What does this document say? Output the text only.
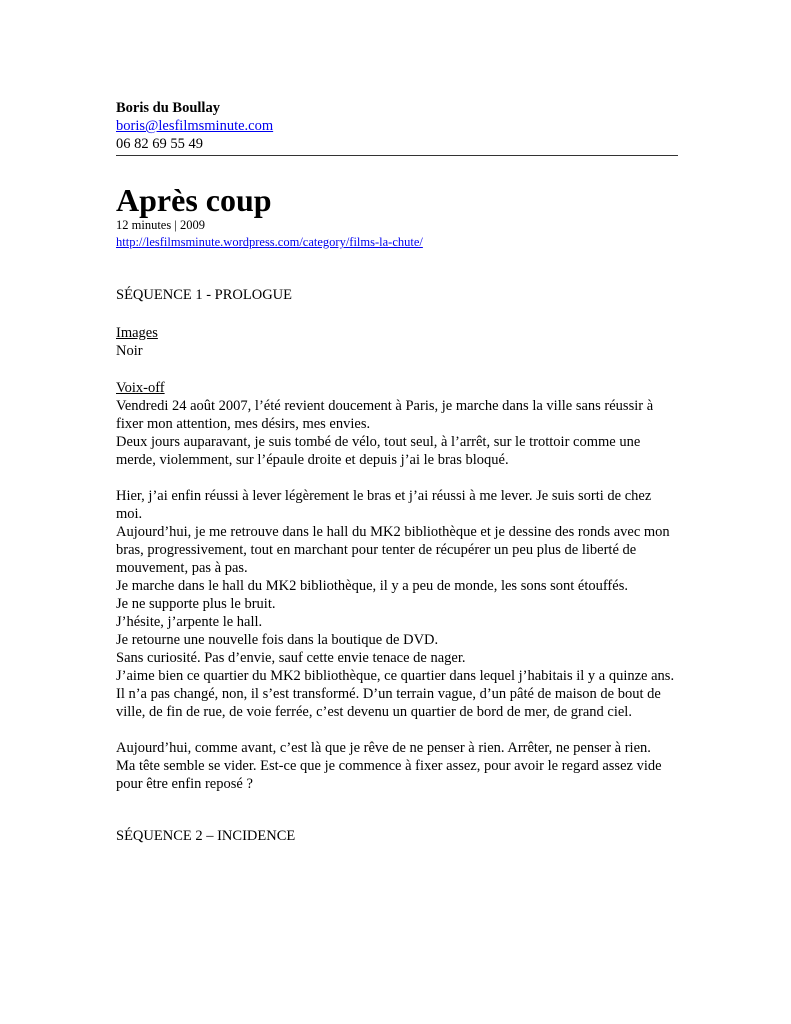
Boris du Boullay
boris@lesfilmsminute.com
06 82 69 55 49
Après coup
12 minutes | 2009
http://lesfilmsminute.wordpress.com/category/films-la-chute/
SÉQUENCE 1 - PROLOGUE
Images
Noir
Voix-off

Vendredi 24 août 2007, l’été revient doucement à Paris, je marche dans la ville sans réussir à fixer mon attention, mes désirs, mes envies.

Deux jours auparavant, je suis tombé de vélo, tout seul, à l’arrêt, sur le trottoir comme une merde, violemment, sur l’épaule droite et depuis j’ai le bras bloqué.

Hier, j’ai enfin réussi à lever légèrement le bras et j’ai réussi à me lever. Je suis sorti de chez moi.

Aujourd’hui, je me retrouve dans le hall du MK2 bibliothèque et je dessine des ronds avec mon bras, progressivement, tout en marchant pour tenter de récupérer un peu plus de liberté de mouvement, pas à pas.

Je marche dans le hall du MK2 bibliothèque, il y a peu de monde, les sons sont étouffés.

Je ne supporte plus le bruit.

J’hésite, j’arpente le hall.

Je retourne une nouvelle fois dans la boutique de DVD.

Sans curiosité. Pas d’envie, sauf cette envie tenace de nager.

J’aime bien ce quartier du MK2 bibliothèque, ce quartier dans lequel j’habitais il y a quinze ans. Il n’a pas changé, non, il s’est transformé. D’un terrain vague, d’un pâté de maison de bout de ville, de fin de rue, de voie ferrée, c’est devenu un quartier de bord de mer, de grand ciel.

Aujourd’hui, comme avant, c’est là que je rêve de ne penser à rien. Arrêter, ne penser à rien.

Ma tête semble se vider. Est-ce que je commence à fixer assez, pour avoir le regard assez vide pour être enfin reposé ?

SÉQUENCE 2 – INCIDENCE
